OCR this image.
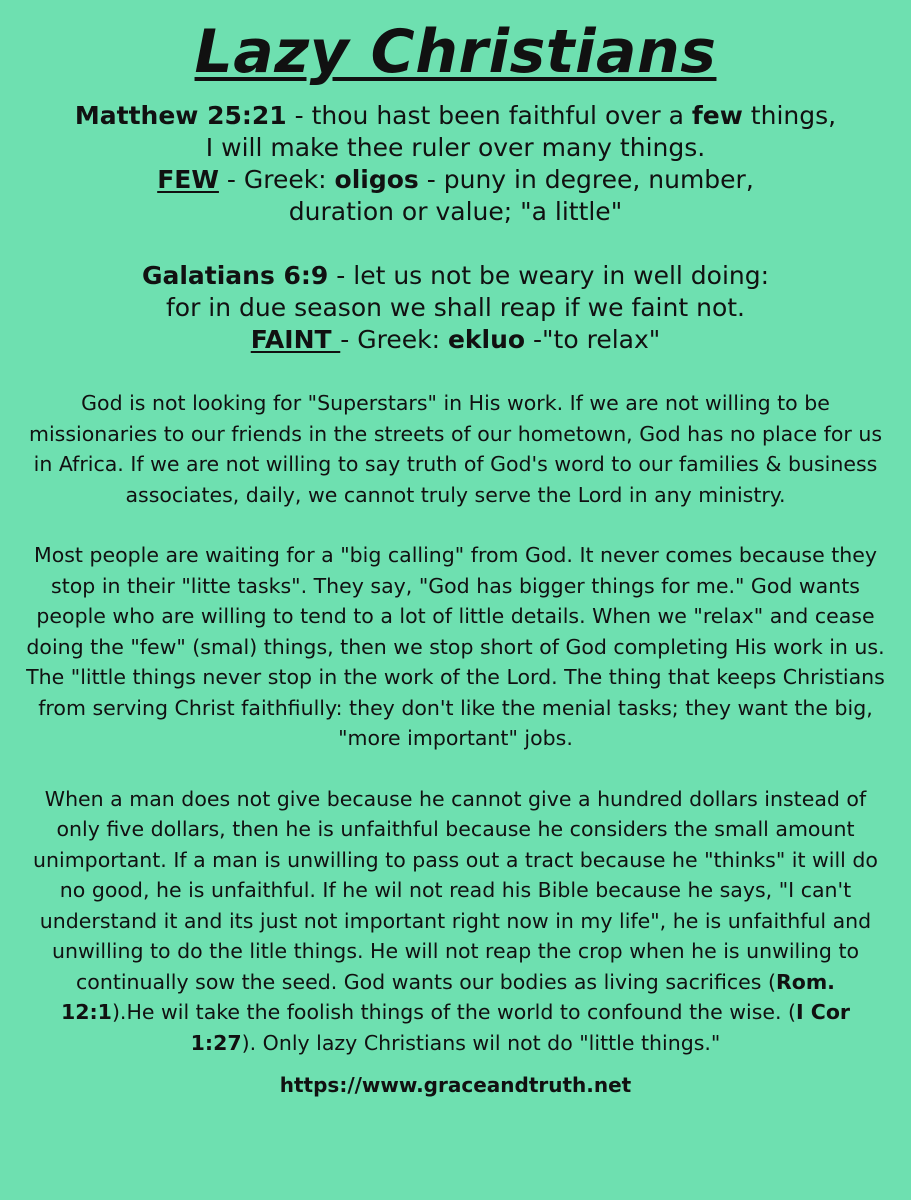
Lazy Christians
Matthew 25:21 - thou hast been faithful over a few things,
I will make thee ruler over many things.
FEW - Greek: oligos - puny in degree, number,
duration or value; "a little"
Galatians 6:9 - let us not be weary in well doing:
for in due season we shall reap if we faint not.
FAINT - Greek: ekluo -"to relax"

God is not looking for "Superstars" in His work. If we are not willing to be missionaries to our friends in the streets of our hometown, God has no place for us in Africa. If we are not willing to say truth of God's word to our families & business associates, daily, we cannot truly serve the Lord in any ministry.

Most people are waiting for a "big calling" from God. It never comes because they stop in their "litte tasks". They say, "God has bigger things for me." God wants people who are willing to tend to a lot of little details. When we "relax" and cease doing the "few" (smal) things, then we stop short of God completing His work in us. The "little things never stop in the work of the Lord. The thing that keeps Christians from serving Christ faithfiully: they don't like the menial tasks; they want the big, "more important" jobs.

When a man does not give because he cannot give a hundred dollars instead of only five dollars, then he is unfaithful because he considers the small amount unimportant. If a man is unwilling to pass out a tract because he "thinks" it will do no good, he is unfaithful. If he wil not read his Bible because he says, "I can't understand it and its just not important right now in my life", he is unfaithful and unwilling to do the litle things. He will not reap the crop when he is unwiling to continually sow the seed. God wants our bodies as living sacrifices (Rom. 12:1).He wil take the foolish things of the world to confound the wise. (I Cor 1:27). Only lazy Christians wil not do "little things."

https://www.graceandtruth.net
